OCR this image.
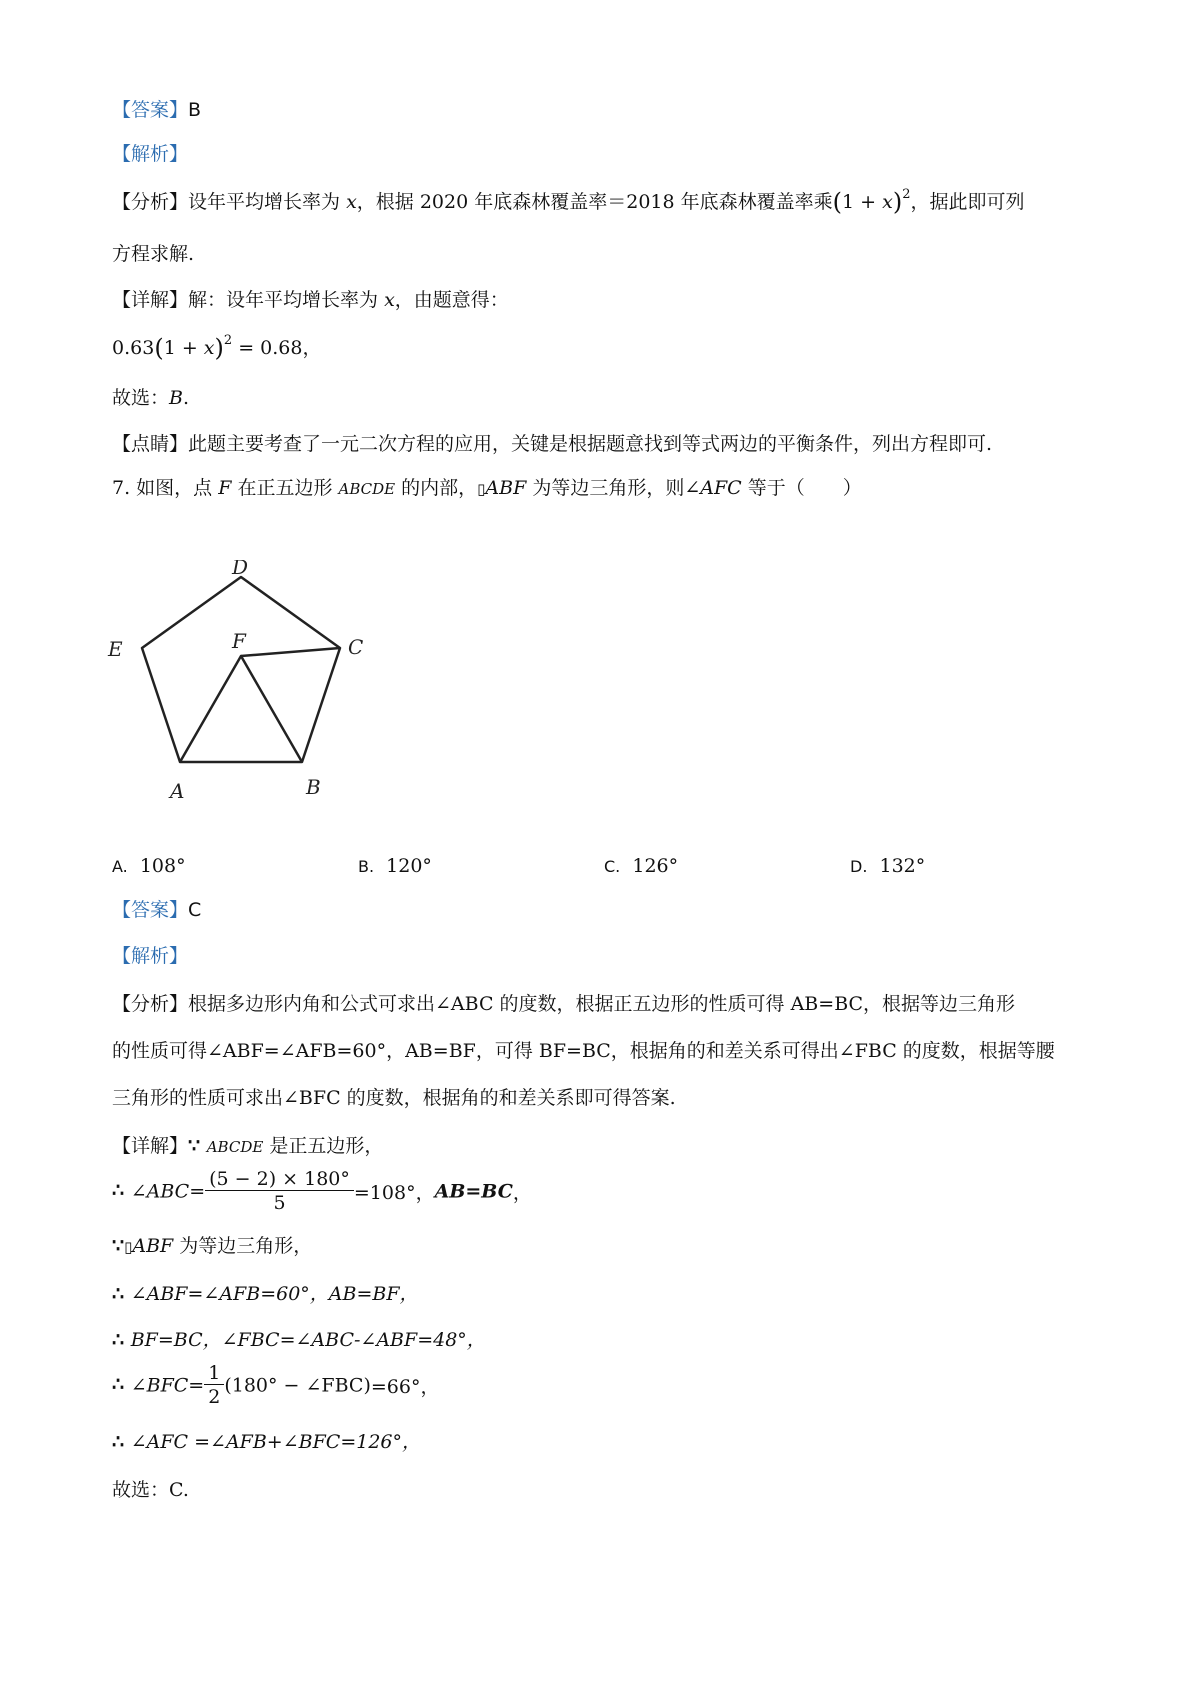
【答案】B
【解析】
【分析】设年平均增长率为 x，根据 2020 年底森林覆盖率＝2018 年底森林覆盖率乘$(1 + x)^2$，据此即可列
方程求解.
【详解】解：设年平均增长率为 x，由题意得：
$0.63(1 + x)^2 = 0.68$，
故选：B.
【点睛】此题主要考查了一元二次方程的应用，关键是根据题意找到等式两边的平衡条件，列出方程即可.
7. 如图，点 F 在正五边形 ABCDE 的内部，▯ABF 为等边三角形，则∠AFC 等于（　　）
A	B
C
D
E	F
A. 108°	B. 120°	C. 126°	D. 132°
【答案】C
【解析】
【分析】根据多边形内角和公式可求出∠ABC 的度数，根据正五边形的性质可得 AB=BC，根据等边三角形
的性质可得∠ABF=∠AFB=60°，AB=BF，可得 BF=BC，根据角的和差关系可得出∠FBC 的度数，根据等腰
三角形的性质可求出∠BFC 的度数，根据角的和差关系即可得答案.
【详解】∵ ABCDE 是正五边形，
∴ ∠ABC= $\frac{(5 - 2) \times 180^\circ}{5} =108^\circ$，AB=BC，
∵▯ABF 为等边三角形，
∴ ∠ABF=∠AFB=60°，AB=BF，
∴ BF=BC，∠FBC=∠ABC-∠ABF=48°，
∴ ∠BFC= $\frac{1}{2} (180^\circ$ − ∠FBC)=66°，
∴ ∠AFC =∠AFB+∠BFC=126°，
故选：C.
